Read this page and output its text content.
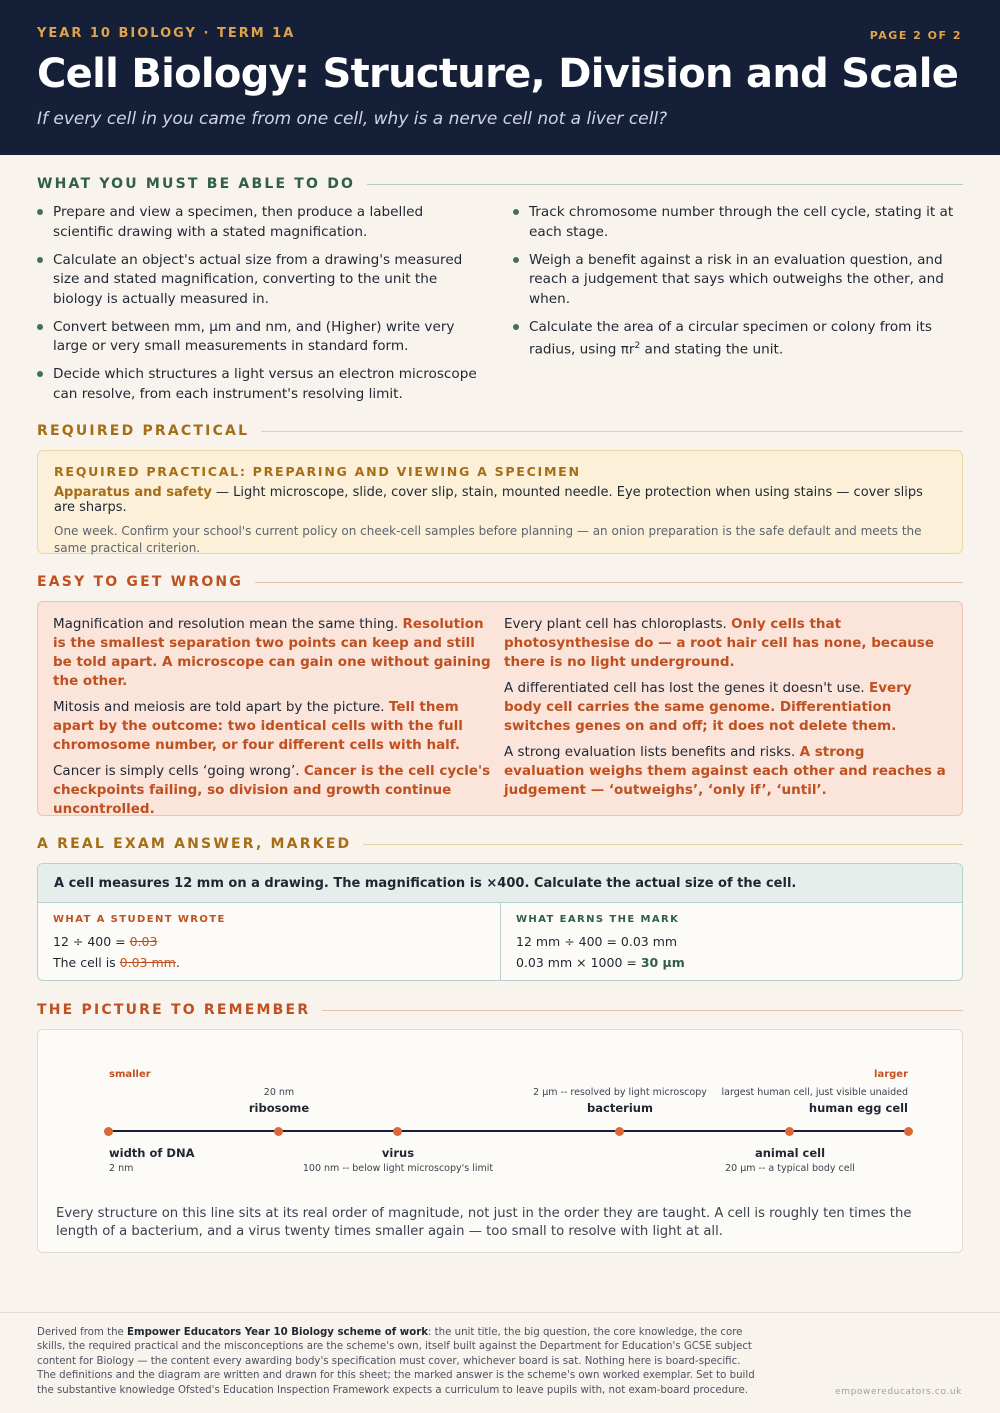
YEAR 10 BIOLOGY · TERM 1A	PAGE 2 OF 2
Cell Biology: Structure, Division and Scale
If every cell in you came from one cell, why is a nerve cell not a liver cell?
WHAT YOU MUST BE ABLE TO DO
Prepare and view a specimen, then produce a labelled scientific drawing with a stated magnification.
Calculate an object's actual size from a drawing's measured size and stated magnification, converting to the unit the biology is actually measured in.
Convert between mm, μm and nm, and (Higher) write very large or very small measurements in standard form.
Decide which structures a light versus an electron microscope can resolve, from each instrument's resolving limit.
Track chromosome number through the cell cycle, stating it at each stage.
Weigh a benefit against a risk in an evaluation question, and reach a judgement that says which outweighs the other, and when.
Calculate the area of a circular specimen or colony from its radius, using $\pi r^2$ and stating the unit.
REQUIRED PRACTICAL
REQUIRED PRACTICAL: PREPARING AND VIEWING A SPECIMEN
Apparatus and safety — Light microscope, slide, cover slip, stain, mounted needle. Eye protection when using stains — cover slips are sharps.
One week. Confirm your school's current policy on cheek-cell samples before planning — an onion preparation is the safe default and meets the same practical criterion.
EASY TO GET WRONG

Magnification and resolution mean the same thing. Resolution is the smallest separation two points can keep and still be told apart. A microscope can gain one without gaining the other.

Mitosis and meiosis are told apart by the picture. Tell them apart by the outcome: two identical cells with the full chromosome number, or four different cells with half.

Cancer is simply cells ‘going wrong’. Cancer is the cell cycle's checkpoints failing, so division and growth continue uncontrolled.

Every plant cell has chloroplasts. Only cells that photosynthesise do — a root hair cell has none, because there is no light underground.

A differentiated cell has lost the genes it doesn't use. Every body cell carries the same genome. Differentiation switches genes on and off; it does not delete them.

A strong evaluation lists benefits and risks. A strong evaluation weighs them against each other and reaches a judgement — ‘outweighs’, ‘only if’, ‘until’.

A REAL EXAM ANSWER, MARKED
A cell measures 12 mm on a drawing. The magnification is ×400. Calculate the actual size of the cell.
WHAT A STUDENT WROTE
12 ÷ 400 = 0.03
The cell is 0.03 mm.
WHAT EARNS THE MARK
12 mm ÷ 400 = 0.03 mm
0.03 mm × 1000 = 30 μm
THE PICTURE TO REMEMBER
smaller	larger
20 nm
ribosome
2 μm -- resolved by light microscopy
bacterium
largest human cell, just visible unaided
human egg cell
width of DNA
2 nm
virus
100 nm -- below light microscopy's limit
animal cell
20 μm -- a typical body cell
Every structure on this line sits at its real order of magnitude, not just in the order they are taught. A cell is roughly ten times the length of a bacterium, and a virus twenty times smaller again — too small to resolve with light at all.
Derived from the Empower Educators Year 10 Biology scheme of work: the unit title, the big question, the core knowledge, the core skills, the required practical and the misconceptions are the scheme's own, itself built against the Department for Education's GCSE subject content for Biology — the content every awarding body's specification must cover, whichever board is sat. Nothing here is board-specific. The definitions and the diagram are written and drawn for this sheet; the marked answer is the scheme's own worked exemplar. Set to build the substantive knowledge Ofsted's Education Inspection Framework expects a curriculum to leave pupils with, not exam-board procedure.	empowereducators.co.uk
